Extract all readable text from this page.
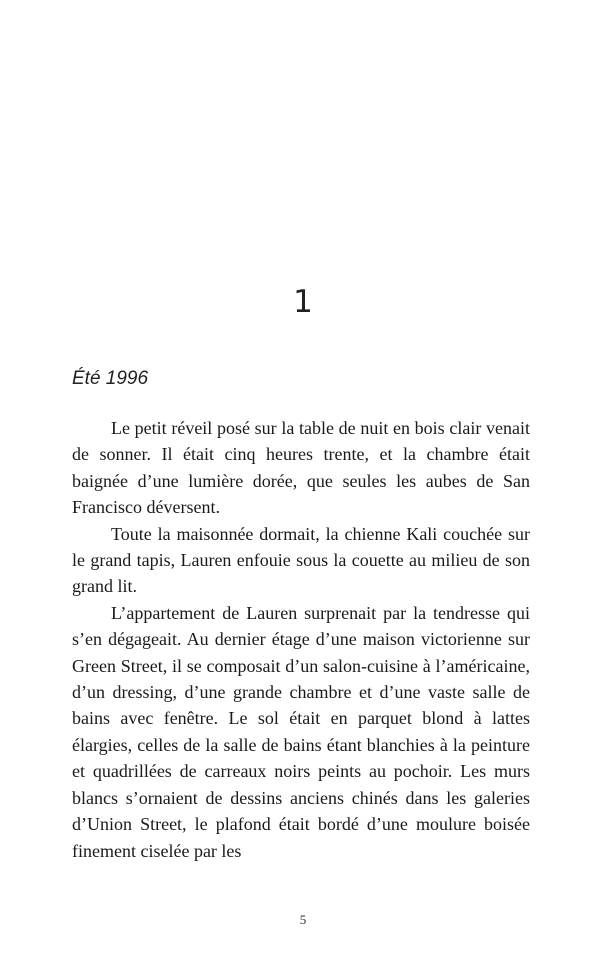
1
Été 1996

Le petit réveil posé sur la table de nuit en bois clair venait de sonner. Il était cinq heures trente, et la chambre était baignée d’une lumière dorée, que seules les aubes de San Francisco déversent.

Toute la maisonnée dormait, la chienne Kali couchée sur le grand tapis, Lauren enfouie sous la couette au milieu de son grand lit.

L’appartement de Lauren surprenait par la tendresse qui s’en dégageait. Au dernier étage d’une maison victorienne sur Green Street, il se composait d’un salon-cuisine à l’américaine, d’un dressing, d’une grande chambre et d’une vaste salle de bains avec fenêtre. Le sol était en parquet blond à lattes élargies, celles de la salle de bains étant blanchies à la peinture et quadrillées de carreaux noirs peints au pochoir. Les murs blancs s’ornaient de dessins anciens chinés dans les galeries d’Union Street, le plafond était bordé d’une moulure boisée finement ciselée par les

5
